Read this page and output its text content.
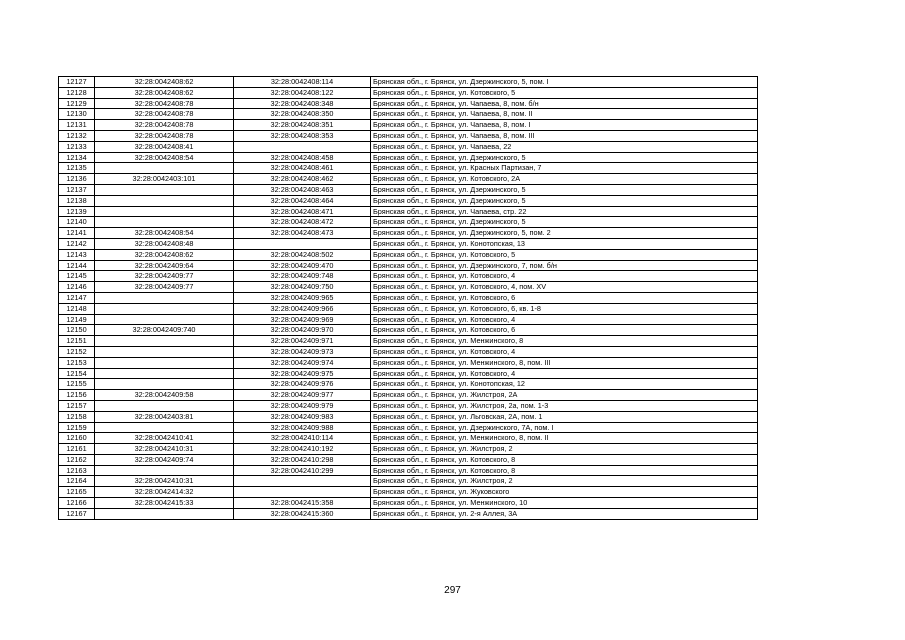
12127	32:28:0042408:62	32:28:0042408:114	Брянская обл., г. Брянск, ул. Дзержинского, 5, пом. I
12128	32:28:0042408:62	32:28:0042408:122	Брянская обл., г. Брянск, ул. Котовского, 5
12129	32:28:0042408:78	32:28:0042408:348	Брянская обл., г. Брянск, ул. Чапаева, 8, пом. б/н
12130	32:28:0042408:78	32:28:0042408:350	Брянская обл., г. Брянск, ул. Чапаева, 8, пом. II
12131	32:28:0042408:78	32:28:0042408:351	Брянская обл., г. Брянск, ул. Чапаева, 8, пом. I
12132	32:28:0042408:78	32:28:0042408:353	Брянская обл., г. Брянск, ул. Чапаева, 8, пом. III
12133	32:28:0042408:41		Брянская обл., г. Брянск, ул. Чапаева, 22
12134	32:28:0042408:54	32:28:0042408:458	Брянская обл., г. Брянск, ул. Дзержинского, 5
12135		32:28:0042408:461	Брянская обл., г. Брянск, ул. Красных Партизан, 7
12136	32:28:0042403:101	32:28:0042408:462	Брянская обл., г. Брянск, ул. Котовского, 2А
12137		32:28:0042408:463	Брянская обл., г. Брянск, ул. Дзержинского, 5
12138		32:28:0042408:464	Брянская обл., г. Брянск, ул. Дзержинского, 5
12139		32:28:0042408:471	Брянская обл., г. Брянск, ул. Чапаева, стр. 22
12140		32:28:0042408:472	Брянская обл., г. Брянск, ул. Дзержинского, 5
12141	32:28:0042408:54	32:28:0042408:473	Брянская обл., г. Брянск, ул. Дзержинского, 5, пом. 2
12142	32:28:0042408:48		Брянская обл., г. Брянск, ул. Конотопская, 13
12143	32:28:0042408:62	32:28:0042408:502	Брянская обл., г. Брянск, ул. Котовского, 5
12144	32:28:0042409:64	32:28:0042409:470	Брянская обл., г. Брянск, ул. Дзержинского, 7, пом. б/н
12145	32:28:0042409:77	32:28:0042409:748	Брянская обл., г. Брянск, ул. Котовского, 4
12146	32:28:0042409:77	32:28:0042409:750	Брянская обл., г. Брянск, ул. Котовского, 4, пом. XV
12147		32:28:0042409:965	Брянская обл., г. Брянск, ул. Котовского, 6
12148		32:28:0042409:966	Брянская обл., г. Брянск, ул. Котовского, 6, кв. 1-8
12149		32:28:0042409:969	Брянская обл., г. Брянск, ул. Котовского, 4
12150	32:28:0042409:740	32:28:0042409:970	Брянская обл., г. Брянск, ул. Котовского, 6
12151		32:28:0042409:971	Брянская обл., г. Брянск, ул. Менжинского, 8
12152		32:28:0042409:973	Брянская обл., г. Брянск, ул. Котовского, 4
12153		32:28:0042409:974	Брянская обл., г. Брянск, ул. Менжинского, 8, пом. III
12154		32:28:0042409:975	Брянская обл., г. Брянск, ул. Котовского, 4
12155		32:28:0042409:976	Брянская обл., г. Брянск, ул. Конотопская, 12
12156	32:28:0042409:58	32:28:0042409:977	Брянская обл., г. Брянск, ул. Жилстроя, 2А
12157		32:28:0042409:979	Брянская обл., г. Брянск, ул. Жилстроя, 2а, пом. 1-3
12158	32:28:0042403:81	32:28:0042409:983	Брянская обл., г. Брянск, ул. Льговская, 2А, пом. 1
12159		32:28:0042409:988	Брянская обл., г. Брянск, ул. Дзержинского, 7А, пом. I
12160	32:28:0042410:41	32:28:0042410:114	Брянская обл., г. Брянск, ул. Менжинского, 8, пом. II
12161	32:28:0042410:31	32:28:0042410:192	Брянская обл., г. Брянск, ул. Жилстроя, 2
12162	32:28:0042409:74	32:28:0042410:298	Брянская обл., г. Брянск, ул. Котовского, 8
12163		32:28:0042410:299	Брянская обл., г. Брянск, ул. Котовского, 8
12164	32:28:0042410:31		Брянская обл., г. Брянск, ул. Жилстроя, 2
12165	32:28:0042414:32		Брянская обл., г. Брянск, ул. Жуковского
12166	32:28:0042415:33	32:28:0042415:358	Брянская обл., г. Брянск, ул. Менжинского, 10
12167		32:28:0042415:360	Брянская обл., г. Брянск, ул. 2-я Аллея, 3А
297
